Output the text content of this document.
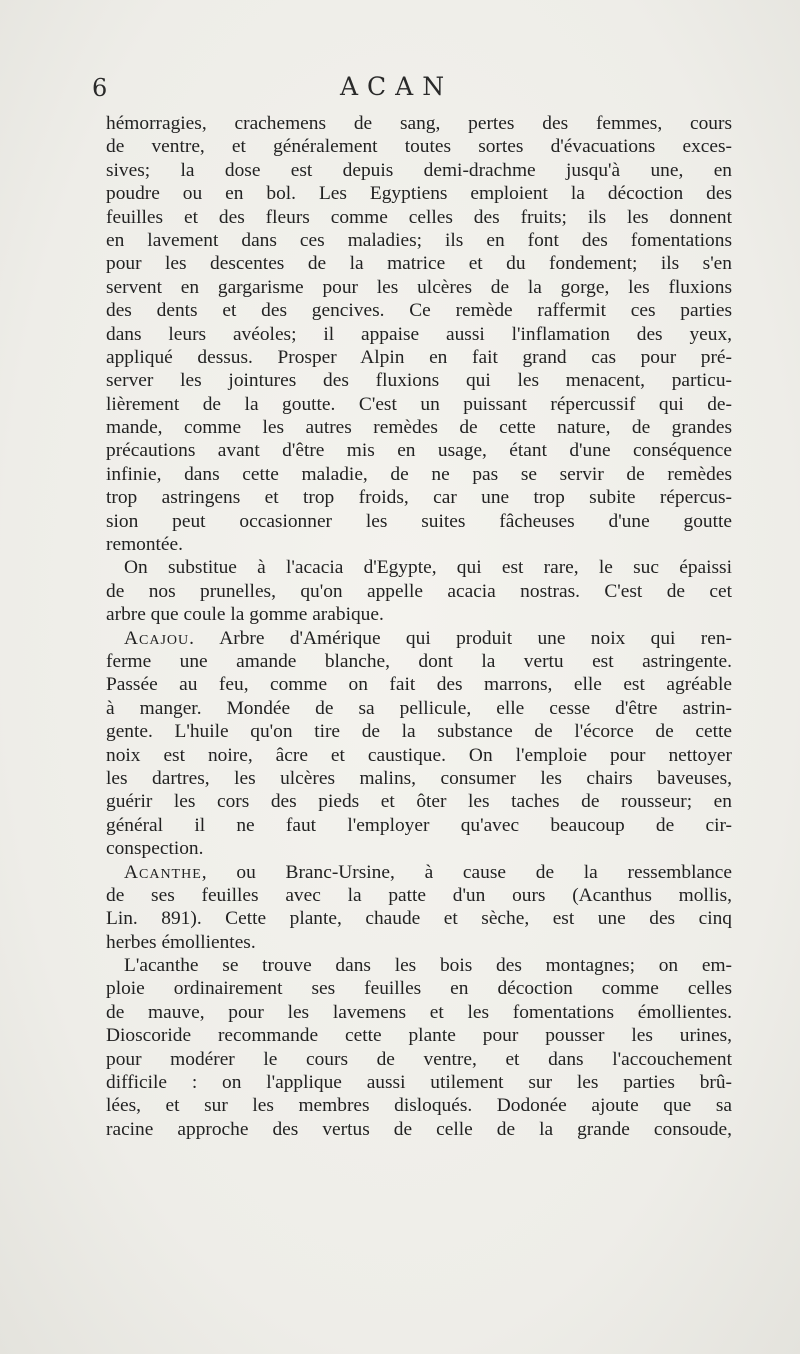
6	ACAN
hémorragies, crachemens de sang, pertes des femmes, cours
de ventre, et généralement toutes sortes d'évacuations exces-
sives; la dose est depuis demi-drachme jusqu'à une, en
poudre ou en bol. Les Egyptiens emploient la décoction des
feuilles et des fleurs comme celles des fruits; ils les donnent
en lavement dans ces maladies; ils en font des fomentations
pour les descentes de la matrice et du fondement; ils s'en
servent en gargarisme pour les ulcères de la gorge, les fluxions
des dents et des gencives. Ce remède raffermit ces parties
dans leurs avéoles; il appaise aussi l'inflamation des yeux,
appliqué dessus. Prosper Alpin en fait grand cas pour pré-
server les jointures des fluxions qui les menacent, particu-
lièrement de la goutte. C'est un puissant répercussif qui de-
mande, comme les autres remèdes de cette nature, de grandes
précautions avant d'être mis en usage, étant d'une conséquence
infinie, dans cette maladie, de ne pas se servir de remèdes
trop astringens et trop froids, car une trop subite répercus-
sion peut occasionner les suites fâcheuses d'une goutte
remontée.
On substitue à l'acacia d'Egypte, qui est rare, le suc épaissi
de nos prunelles, qu'on appelle acacia nostras. C'est de cet
arbre que coule la gomme arabique.
Acajou. Arbre d'Amérique qui produit une noix qui ren-
ferme une amande blanche, dont la vertu est astringente.
Passée au feu, comme on fait des marrons, elle est agréable
à manger. Mondée de sa pellicule, elle cesse d'être astrin-
gente. L'huile qu'on tire de la substance de l'écorce de cette
noix est noire, âcre et caustique. On l'emploie pour nettoyer
les dartres, les ulcères malins, consumer les chairs baveuses,
guérir les cors des pieds et ôter les taches de rousseur; en
général il ne faut l'employer qu'avec beaucoup de cir-
conspection.
Acanthe, ou Branc-Ursine, à cause de la ressemblance
de ses feuilles avec la patte d'un ours (Acanthus mollis,
Lin. 891). Cette plante, chaude et sèche, est une des cinq
herbes émollientes.
L'acanthe se trouve dans les bois des montagnes; on em-
ploie ordinairement ses feuilles en décoction comme celles
de mauve, pour les lavemens et les fomentations émollientes.
Dioscoride recommande cette plante pour pousser les urines,
pour modérer le cours de ventre, et dans l'accouchement
difficile : on l'applique aussi utilement sur les parties brû-
lées, et sur les membres disloqués. Dodonée ajoute que sa
racine approche des vertus de celle de la grande consoude,
